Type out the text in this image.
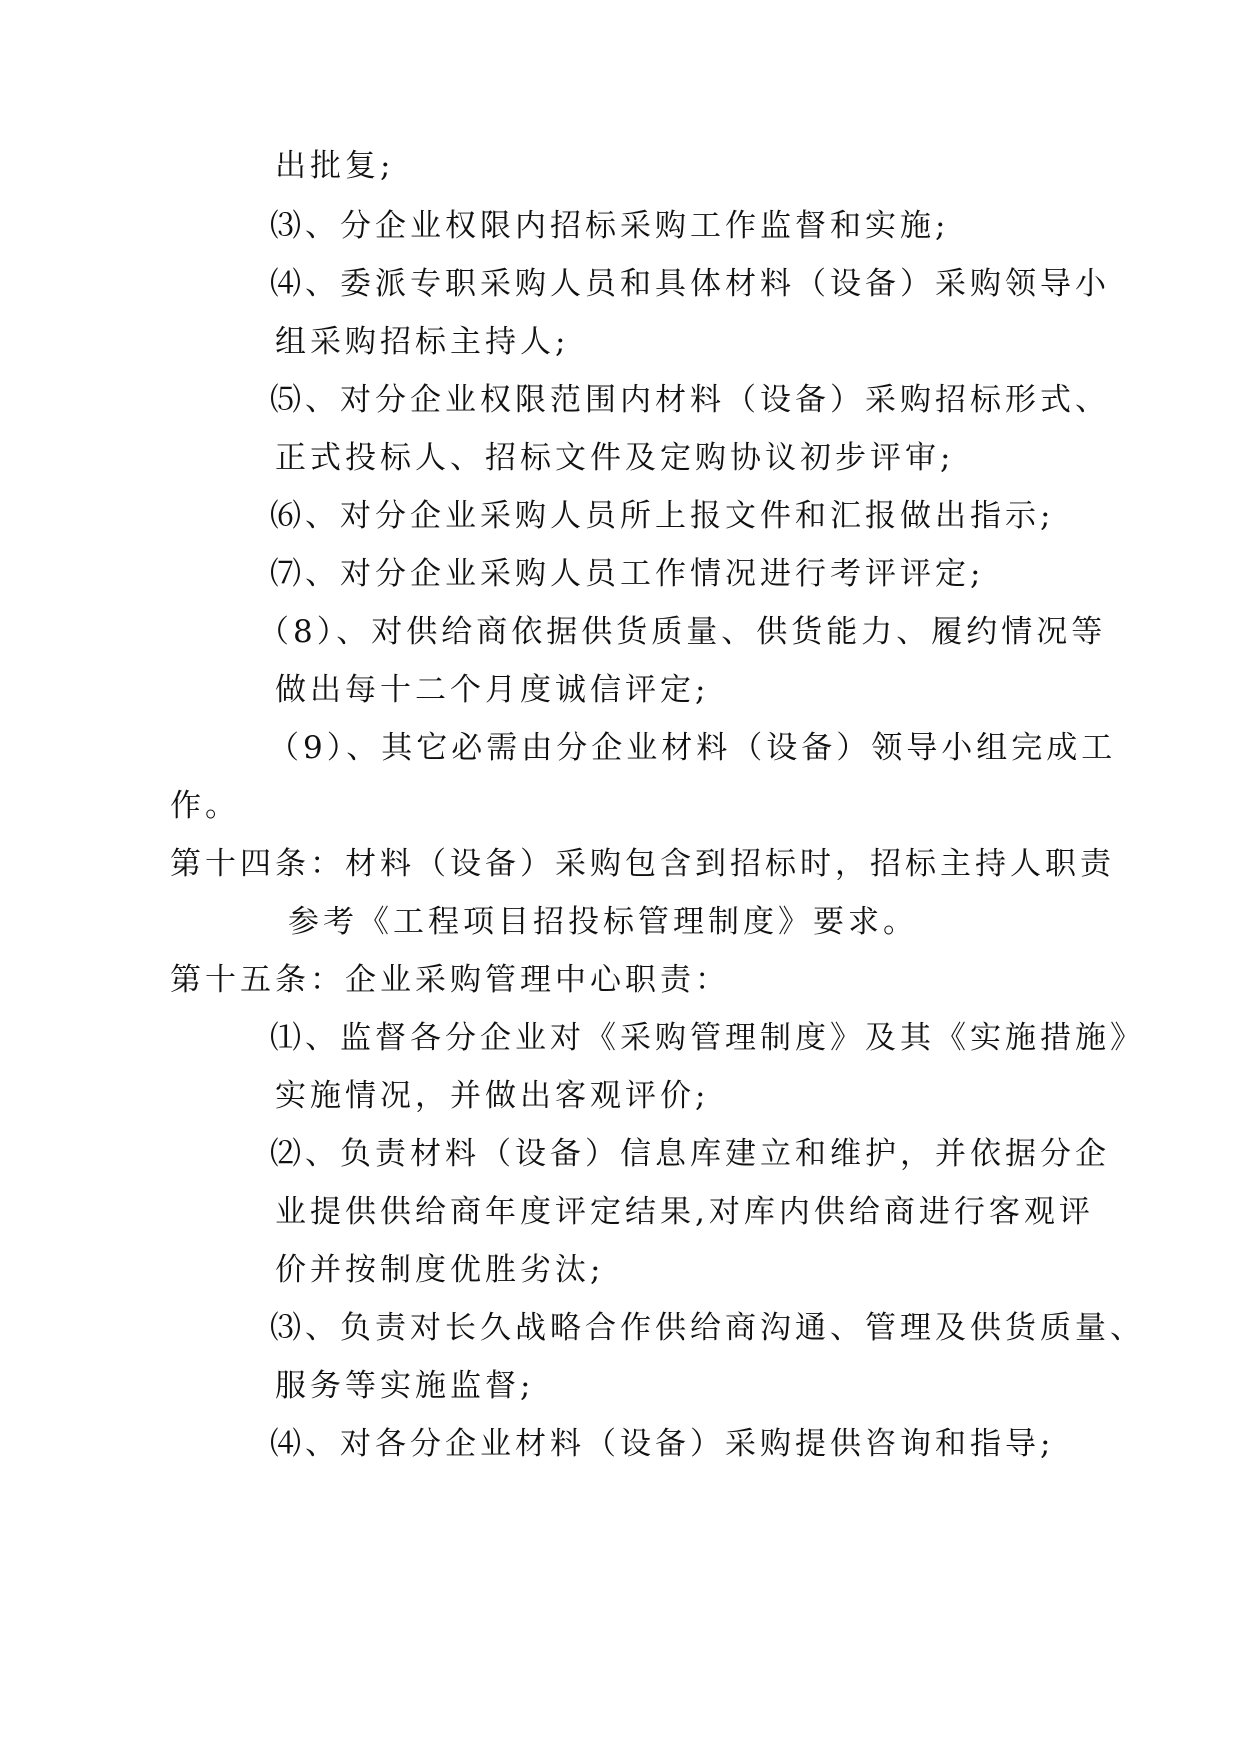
出批复;

⑶、分企业权限内招标采购工作监督和实施;

⑷、委派专职采购人员和具体材料（设备）采购领导小

组采购招标主持人;

⑸、对分企业权限范围内材料（设备）采购招标形式、

正式投标人、招标文件及定购协议初步评审;

⑹、对分企业采购人员所上报文件和汇报做出指示;

⑺、对分企业采购人员工作情况进行考评评定;

（8）、对供给商依据供货质量、供货能力、履约情况等

做出每十二个月度诚信评定;

（9）、其它必需由分企业材料（设备）领导小组完成工

作。

第十四条：材料（设备）采购包含到招标时，招标主持人职责

参考《工程项目招投标管理制度》要求。

第十五条：企业采购管理中心职责：

⑴、监督各分企业对《采购管理制度》及其《实施措施》

实施情况，并做出客观评价;

⑵、负责材料（设备）信息库建立和维护，并依据分企

业提供供给商年度评定结果,对库内供给商进行客观评

价并按制度优胜劣汰;

⑶、负责对长久战略合作供给商沟通、管理及供货质量、

服务等实施监督;

⑷、对各分企业材料（设备）采购提供咨询和指导;
